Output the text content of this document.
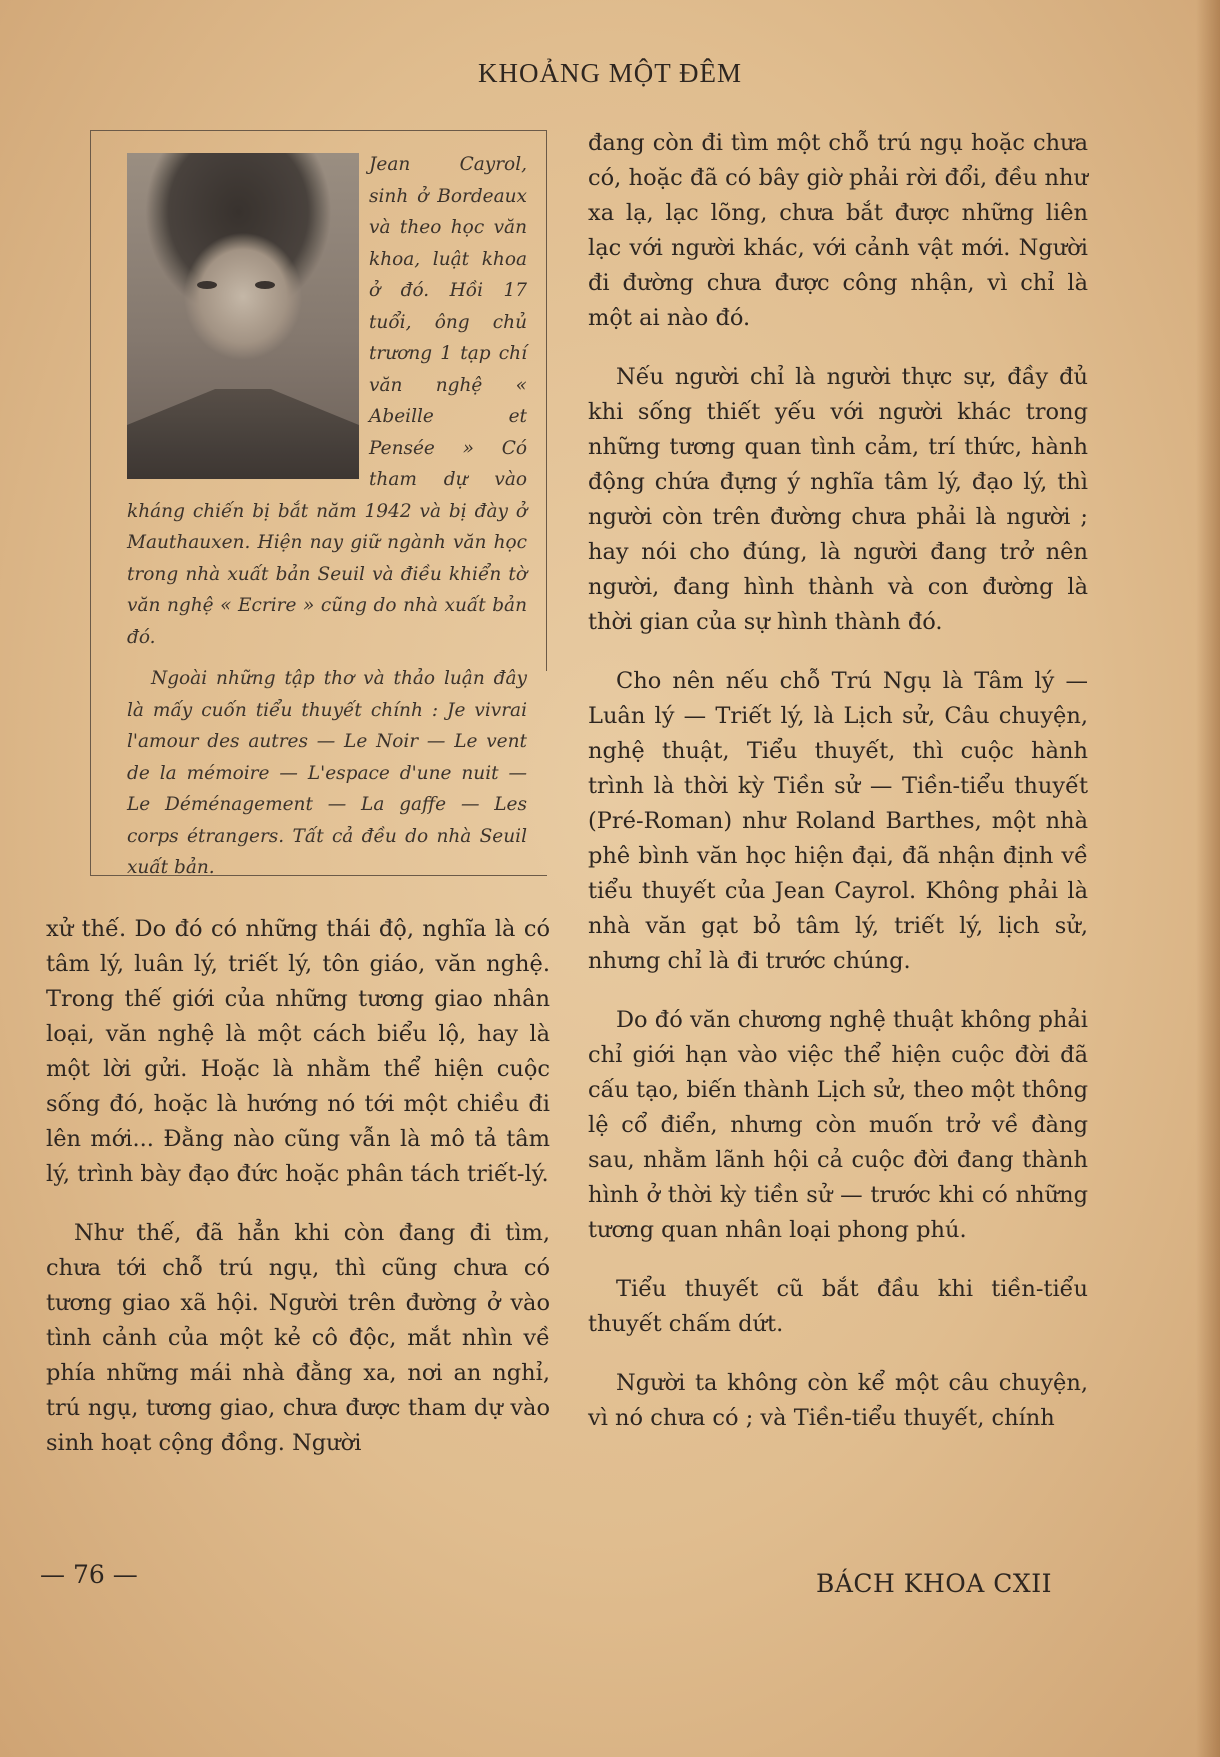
KHOẢNG MỘT ĐÊM

Jean Cayrol, sinh ở Bordeaux và theo học văn khoa, luật khoa ở đó. Hồi 17 tuổi, ông chủ trương 1 tạp chí văn nghệ « Abeille et Pensée » Có tham dự vào kháng chiến bị bắt năm 1942 và bị đày ở Mauthauxen. Hiện nay giữ ngành văn học trong nhà xuất bản Seuil và điều khiển tờ văn nghệ « Ecrire » cũng do nhà xuất bản đó.

Ngoài những tập thơ và thảo luận đây là mấy cuốn tiểu thuyết chính : Je vivrai l'amour des autres — Le Noir — Le vent de la mémoire — L'espace d'une nuit — Le Déménagement — La gaffe — Les corps étrangers. Tất cả đều do nhà Seuil xuất bản.

xử thế. Do đó có những thái độ, nghĩa là có tâm lý, luân lý, triết lý, tôn giáo, văn nghệ. Trong thế giới của những tương giao nhân loại, văn nghệ là một cách biểu lộ, hay là một lời gửi. Hoặc là nhằm thể hiện cuộc sống đó, hoặc là hướng nó tới một chiều đi lên mới... Đằng nào cũng vẫn là mô tả tâm lý, trình bày đạo đức hoặc phân tách triết-lý.

Như thế, đã hẳn khi còn đang đi tìm, chưa tới chỗ trú ngụ, thì cũng chưa có tương giao xã hội. Người trên đường ở vào tình cảnh của một kẻ cô độc, mắt nhìn về phía những mái nhà đằng xa, nơi an nghỉ, trú ngụ, tương giao, chưa được tham dự vào sinh hoạt cộng đồng. Người

đang còn đi tìm một chỗ trú ngụ hoặc chưa có, hoặc đã có bây giờ phải rời đổi, đều như xa lạ, lạc lõng, chưa bắt được những liên lạc với người khác, với cảnh vật mới. Người đi đường chưa được công nhận, vì chỉ là một ai nào đó.

Nếu người chỉ là người thực sự, đầy đủ khi sống thiết yếu với người khác trong những tương quan tình cảm, trí thức, hành động chứa đựng ý nghĩa tâm lý, đạo lý, thì người còn trên đường chưa phải là người ; hay nói cho đúng, là người đang trở nên người, đang hình thành và con đường là thời gian của sự hình thành đó.

Cho nên nếu chỗ Trú Ngụ là Tâm lý — Luân lý — Triết lý, là Lịch sử, Câu chuyện, nghệ thuật, Tiểu thuyết, thì cuộc hành trình là thời kỳ Tiền sử — Tiền-tiểu thuyết (Pré-Roman) như Roland Barthes, một nhà phê bình văn học hiện đại, đã nhận định về tiểu thuyết của Jean Cayrol. Không phải là nhà văn gạt bỏ tâm lý, triết lý, lịch sử, nhưng chỉ là đi trước chúng.

Do đó văn chương nghệ thuật không phải chỉ giới hạn vào việc thể hiện cuộc đời đã cấu tạo, biến thành Lịch sử, theo một thông lệ cổ điển, nhưng còn muốn trở về đàng sau, nhằm lãnh hội cả cuộc đời đang thành hình ở thời kỳ tiền sử — trước khi có những tương quan nhân loại phong phú.

Tiểu thuyết cũ bắt đầu khi tiền-tiểu thuyết chấm dứt.

Người ta không còn kể một câu chuyện, vì nó chưa có ; và Tiền-tiểu thuyết, chính

— 76 —	BÁCH KHOA CXII
